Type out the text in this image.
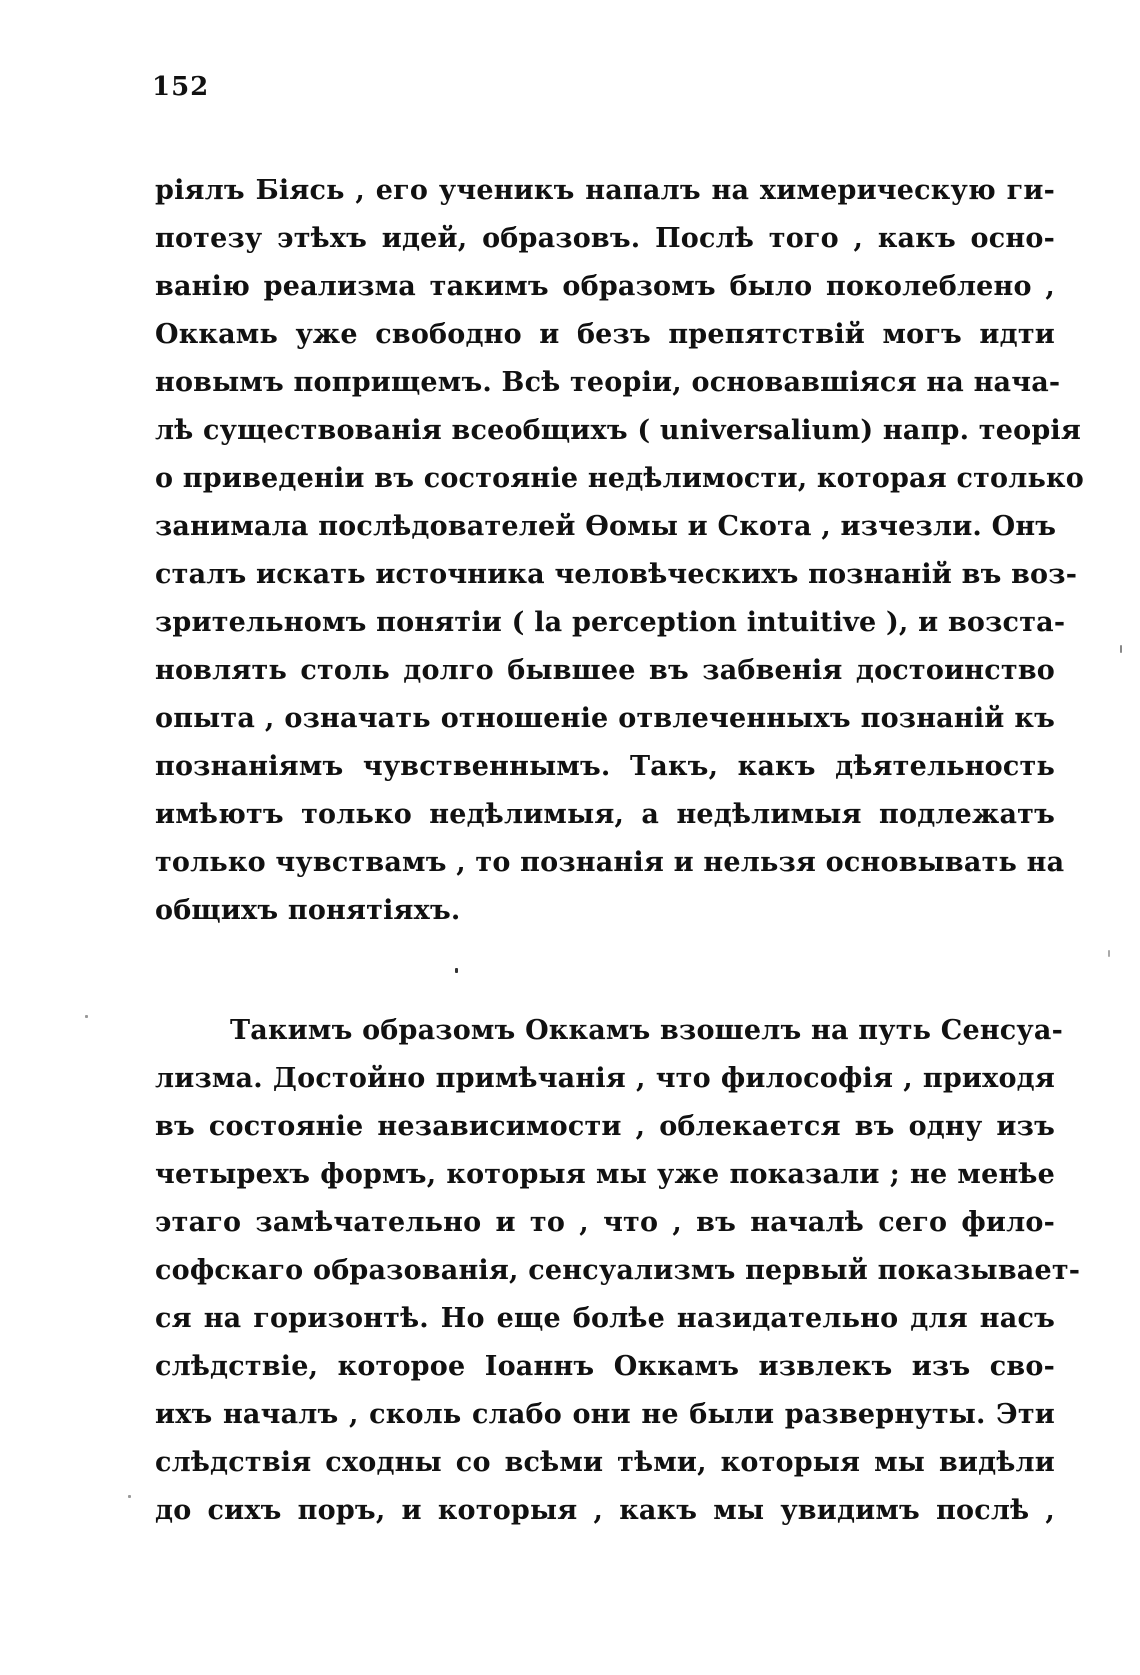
152
ріялъ Біясь , его ученикъ напалъ на химерическую ги-
потезу этѣхъ идей, образовъ. Послѣ того , какъ осно-
ванію реализма такимъ образомъ было поколеблено ,
Оккамь уже свободно и безъ препятствій могъ идти
новымъ поприщемъ. Всѣ теоріи, основавшіяся на нача-
лѣ существованія всеобщихъ ( universalium) напр. теорія
о приведеніи въ состояніе недѣлимости, которая столько
занимала послѣдователей Ѳомы и Скота , изчезли. Онъ
сталъ искать источника человѣческихъ познаній въ воз-
зрительномъ понятіи ( la perception intuitive ), и возста-
новлять столь долго бывшее въ забвенія достоинство
опыта , означать отношеніе отвлеченныхъ познаній къ
познаніямъ чувственнымъ. Такъ, какъ дѣятельность
имѣютъ только недѣлимыя, а недѣлимыя подлежатъ
только чувствамъ , то познанія и нельзя основывать на
общихъ понятіяхъ.
Такимъ образомъ Оккамъ взошелъ на путь Сенсуа-
лизма. Достойно примѣчанія , что философія , приходя
въ состояніе независимости , облекается въ одну изъ
четырехъ формъ, которыя мы уже показали ; не менѣе
этаго замѣчательно и то , что , въ началѣ сего фило-
софскаго образованія, сенсуализмъ первый показывает-
ся на горизонтѣ. Но еще болѣе назидательно для насъ
слѣдствіе, которое Іоаннъ Оккамъ извлекъ изъ сво-
ихъ началъ , сколь слабо они не были развернуты. Эти
слѣдствія сходны со всѣми тѣми, которыя мы видѣли
до сихъ поръ, и которыя , какъ мы увидимъ послѣ ,
